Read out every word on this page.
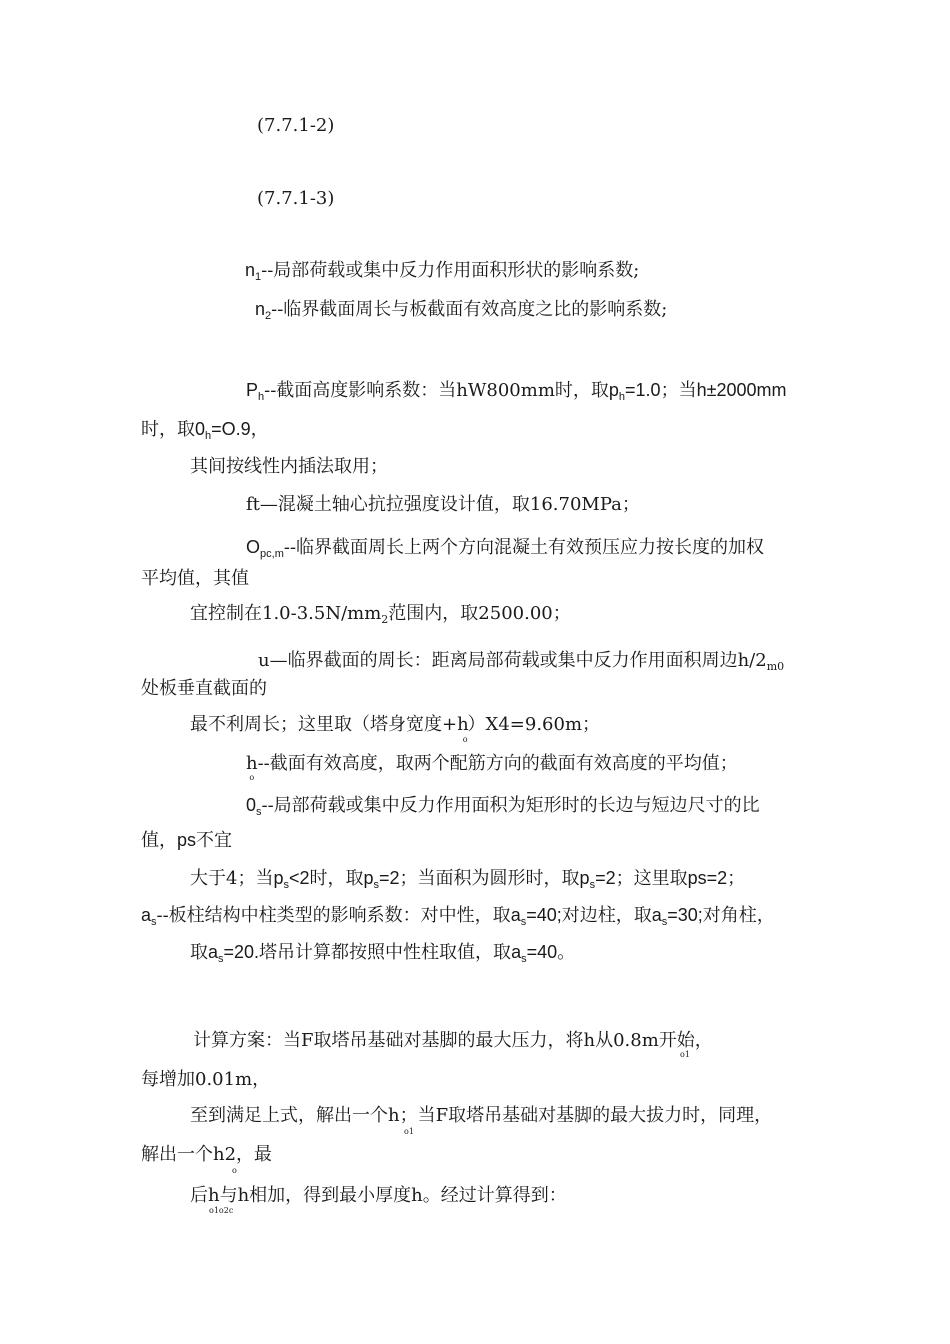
(7.7.1-2)
(7.7.1-3)
$n_1--$局部荷载或集中反力作用面积形状的影响系数;
$n_2--$临界截面周长与板截面有效高度之比的影响系数;
$P_h--$截面高度影响系数：当hW800mm时，取$p_h=1.0$；当h±2000mm
时，取$0_h=O.9$，
其间按线性内插法取用；
ft—混凝土轴心抗拉强度设计值，取16.70MPa；
$O_{pc,m}--$临界截面周长上两个方向混凝土有效预压应力按长度的加权
平均值，其值
宜控制在$1.0-3.5N/mm_2$范围内，取2500.00；
u—临界截面的周长：距离局部荷载或集中反力作用面积周边$h/2_{m0}$
处板垂直截面的
最不利周长；这里取（塔身宽度$+h_o)X4=9.60m$；
h
o
--截面有效高度，取两个配筋方向的截面有效高度的平均值；
$0_s--$局部荷载或集中反力作用面积为矩形时的长边与短边尺寸的比
值，ps不宜
大于4；当$p_s<2$时，取$p_s=2$；当面积为圆形时，取$p_s=2$；这里取ps=2；
$a_s--$板柱结构中柱类型的影响系数：对中性，取$a_s=40$;对边柱，取$a_s=30$;对角柱，
取$a_s=20$.塔吊计算都按照中性柱取值，取$a_s=40$。
计算方案：当F取塔吊基础对基脚的最大压力，将h从0.8m开始，
o1
每增加0.01m，
至到满足上式，解出一个h；当F取塔吊基础对基脚的最大拔力时，同理，
o1
解出一个h2，最
o
后h与h相加，得到最小厚度h。经过计算得到：
o1o2c
